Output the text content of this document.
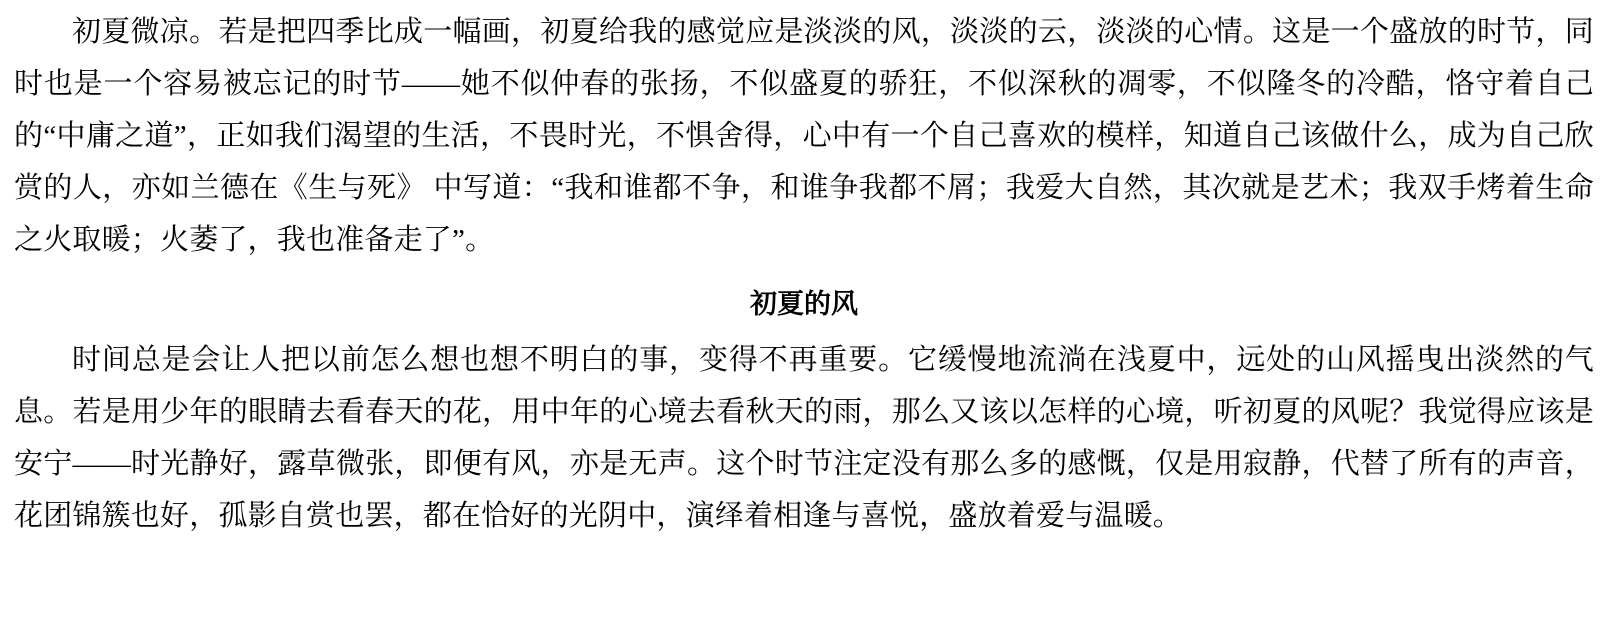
初夏微凉。若是把四季比成一幅画，初夏给我的感觉应是淡淡的风，淡淡的云，淡淡的心情。这是一个盛放的时节，同时也是一个容易被忘记的时节——她不似仲春的张扬，不似盛夏的骄狂，不似深秋的凋零，不似隆冬的冷酷，恪守着自己的“中庸之道”，正如我们渴望的生活，不畏时光，不惧舍得，心中有一个自己喜欢的模样，知道自己该做什么，成为自己欣赏的人，亦如兰德在《生与死》 中写道：“我和谁都不争，和谁争我都不屑；我爱大自然，其次就是艺术；我双手烤着生命之火取暖；火萎了，我也准备走了”。

初夏的风

时间总是会让人把以前怎么想也想不明白的事，变得不再重要。它缓慢地流淌在浅夏中，远处的山风摇曳出淡然的气息。若是用少年的眼睛去看春天的花，用中年的心境去看秋天的雨，那么又该以怎样的心境，听初夏的风呢？我觉得应该是安宁——时光静好，露草微张，即便有风，亦是无声。这个时节注定没有那么多的感慨，仅是用寂静，代替了所有的声音，花团锦簇也好，孤影自赏也罢，都在恰好的光阴中，演绎着相逢与喜悦，盛放着爱与温暖。
